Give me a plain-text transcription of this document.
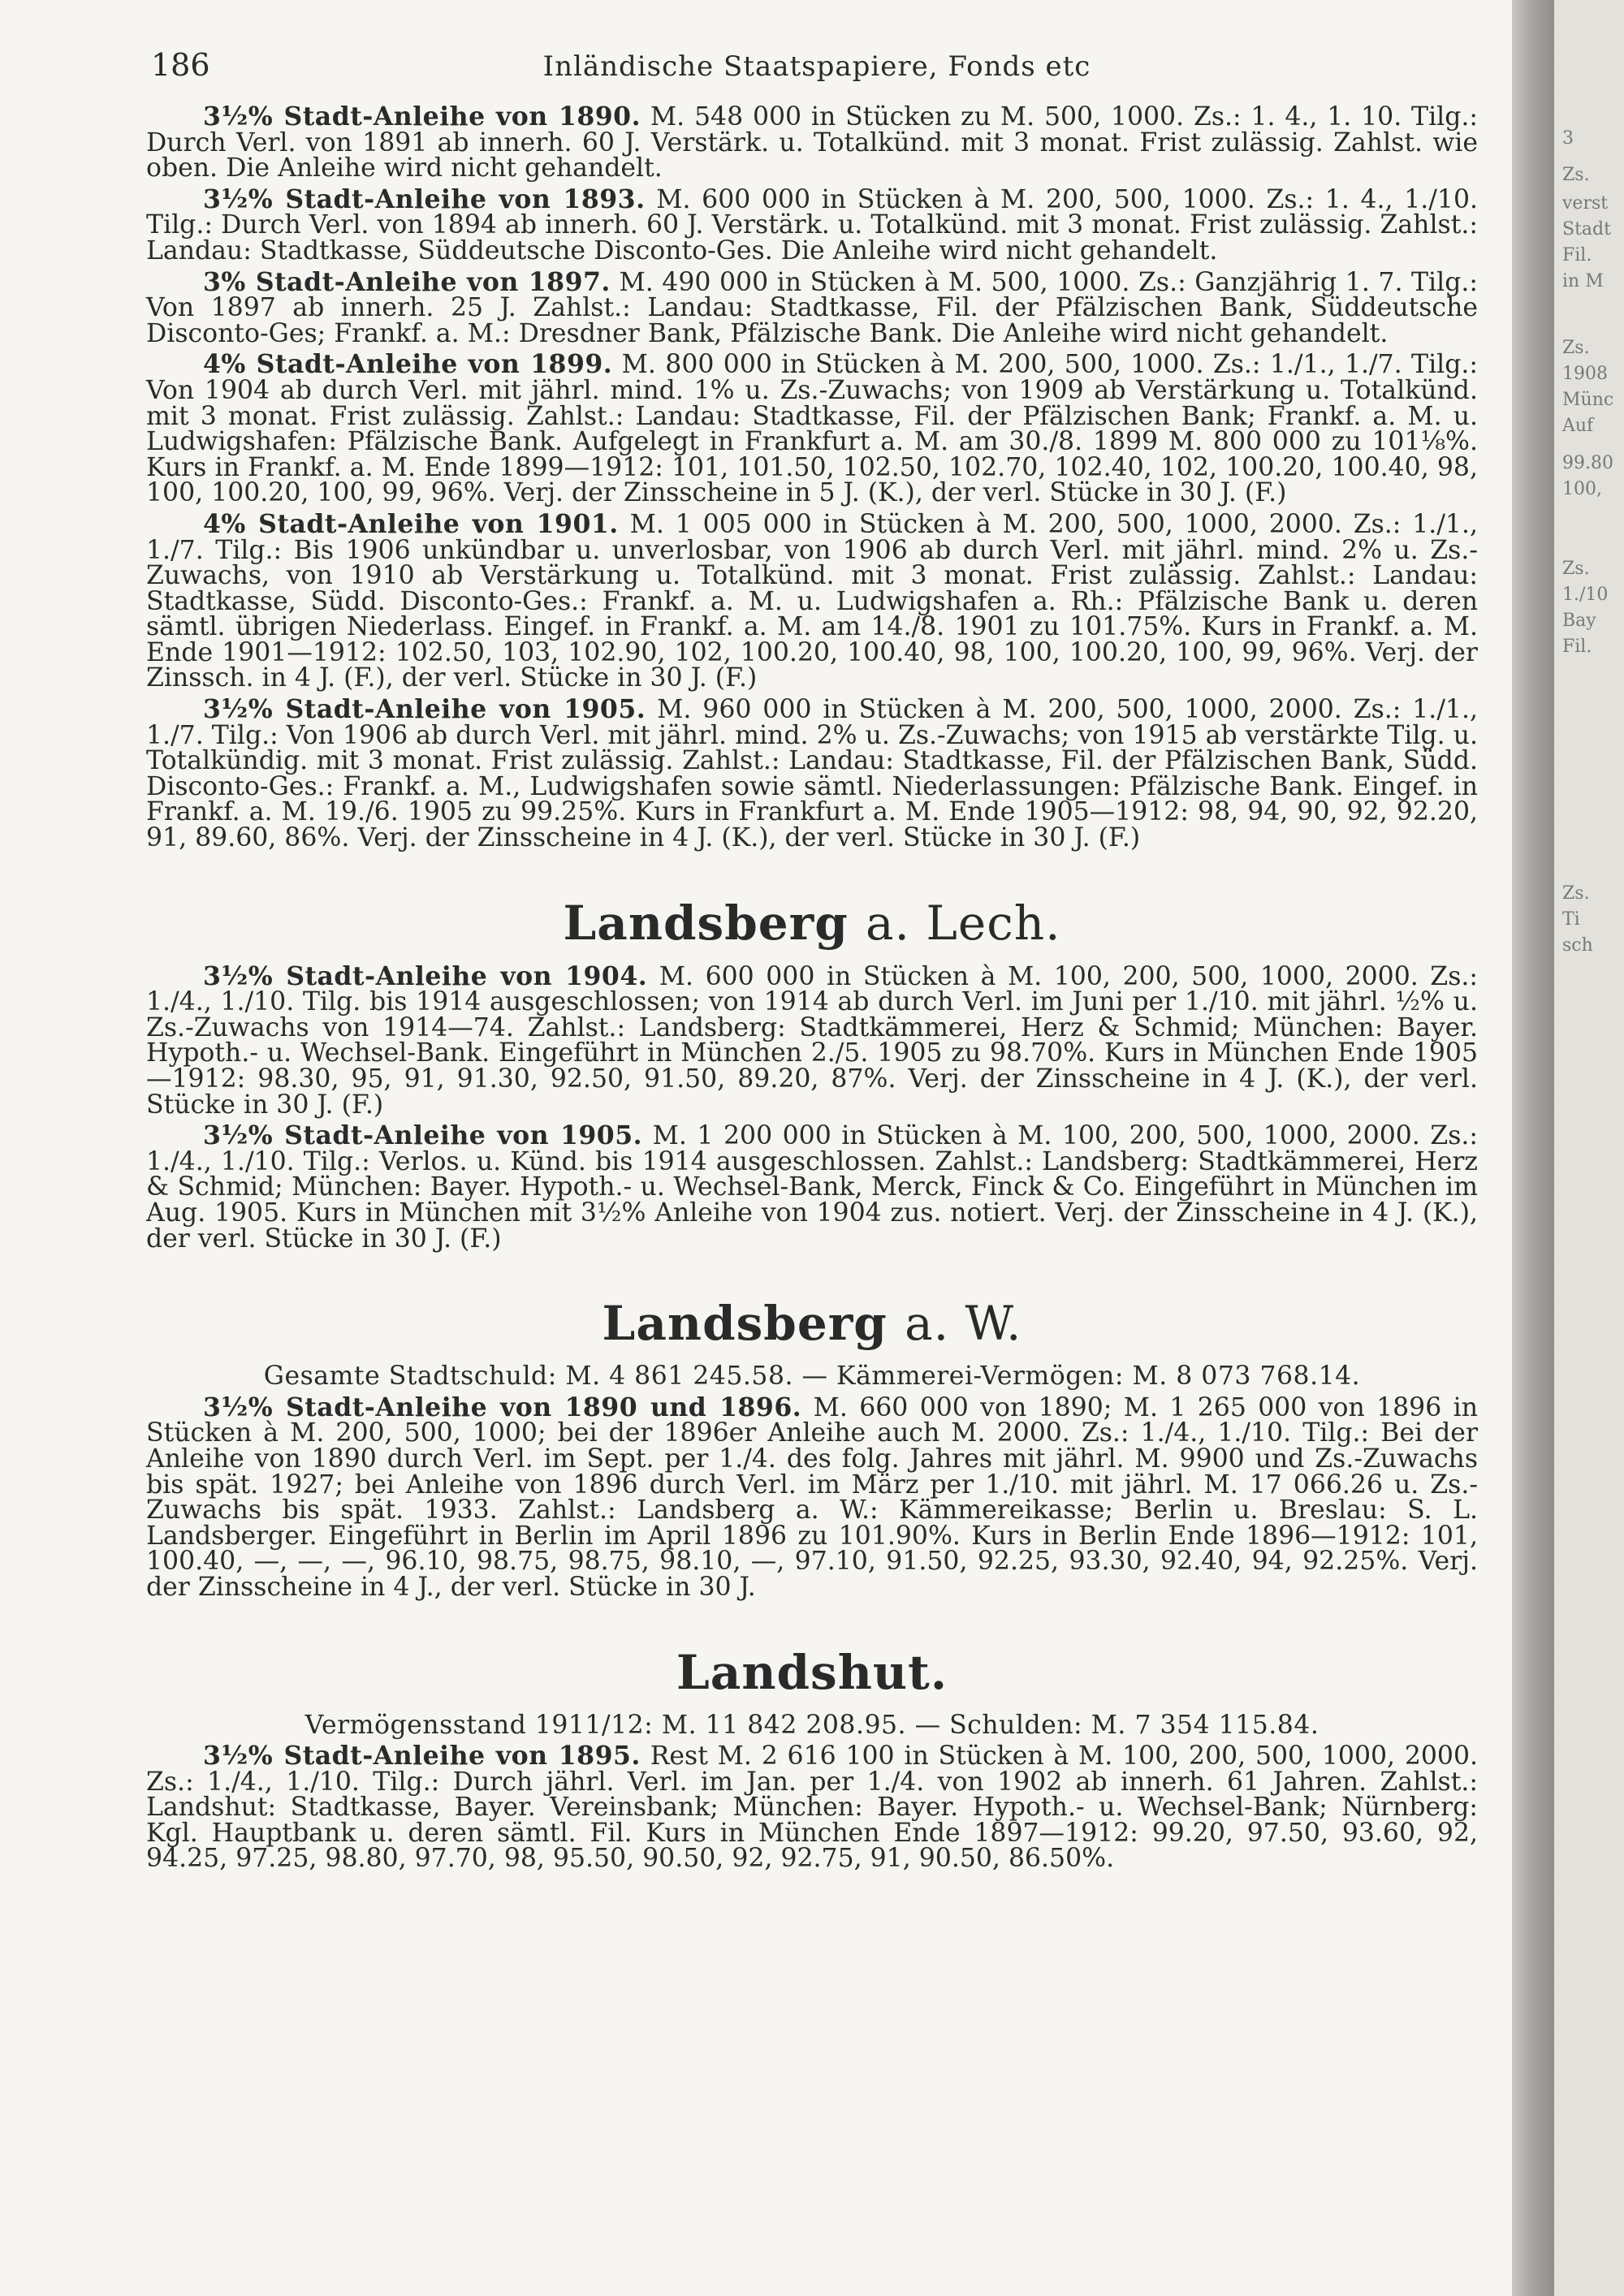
186	Inländische Staatspapiere, Fonds etc

3½% Stadt-Anleihe von 1890. M. 548 000 in Stücken zu M. 500, 1000. Zs.: 1. 4., 1. 10. Tilg.: Durch Verl. von 1891 ab innerh. 60 J. Verstärk. u. Totalkünd. mit 3 monat. Frist zulässig. Zahlst. wie oben. Die Anleihe wird nicht gehandelt.

3½% Stadt-Anleihe von 1893. M. 600 000 in Stücken à M. 200, 500, 1000. Zs.: 1. 4., 1./10. Tilg.: Durch Verl. von 1894 ab innerh. 60 J. Verstärk. u. Totalkünd. mit 3 monat. Frist zulässig. Zahlst.: Landau: Stadtkasse, Süddeutsche Disconto-Ges. Die Anleihe wird nicht gehandelt.

3% Stadt-Anleihe von 1897. M. 490 000 in Stücken à M. 500, 1000. Zs.: Ganzjährig 1. 7. Tilg.: Von 1897 ab innerh. 25 J. Zahlst.: Landau: Stadtkasse, Fil. der Pfälzischen Bank, Süddeutsche Disconto-Ges; Frankf. a. M.: Dresdner Bank, Pfälzische Bank. Die Anleihe wird nicht gehandelt.

4% Stadt-Anleihe von 1899. M. 800 000 in Stücken à M. 200, 500, 1000. Zs.: 1./1., 1./7. Tilg.: Von 1904 ab durch Verl. mit jährl. mind. 1% u. Zs.-Zuwachs; von 1909 ab Verstärkung u. Totalkünd. mit 3 monat. Frist zulässig. Zahlst.: Landau: Stadtkasse, Fil. der Pfälzischen Bank; Frankf. a. M. u. Ludwigshafen: Pfälzische Bank. Aufgelegt in Frankfurt a. M. am 30./8. 1899 M. 800 000 zu 101⅛%. Kurs in Frankf. a. M. Ende 1899—1912: 101, 101.50, 102.50, 102.70, 102.40, 102, 100.20, 100.40, 98, 100, 100.20, 100, 99, 96%. Verj. der Zinsscheine in 5 J. (K.), der verl. Stücke in 30 J. (F.)

4% Stadt-Anleihe von 1901. M. 1 005 000 in Stücken à M. 200, 500, 1000, 2000. Zs.: 1./1., 1./7. Tilg.: Bis 1906 unkündbar u. unverlosbar, von 1906 ab durch Verl. mit jährl. mind. 2% u. Zs.-Zuwachs, von 1910 ab Verstärkung u. Totalkünd. mit 3 monat. Frist zulässig. Zahlst.: Landau: Stadtkasse, Südd. Disconto-Ges.: Frankf. a. M. u. Ludwigshafen a. Rh.: Pfälzische Bank u. deren sämtl. übrigen Niederlass. Eingef. in Frankf. a. M. am 14./8. 1901 zu 101.75%. Kurs in Frankf. a. M. Ende 1901—1912: 102.50, 103, 102.90, 102, 100.20, 100.40, 98, 100, 100.20, 100, 99, 96%. Verj. der Zinssch. in 4 J. (F.), der verl. Stücke in 30 J. (F.)

3½% Stadt-Anleihe von 1905. M. 960 000 in Stücken à M. 200, 500, 1000, 2000. Zs.: 1./1., 1./7. Tilg.: Von 1906 ab durch Verl. mit jährl. mind. 2% u. Zs.-Zuwachs; von 1915 ab verstärkte Tilg. u. Totalkündig. mit 3 monat. Frist zulässig. Zahlst.: Landau: Stadtkasse, Fil. der Pfälzischen Bank, Südd. Disconto-Ges.: Frankf. a. M., Ludwigshafen sowie sämtl. Niederlassungen: Pfälzische Bank. Eingef. in Frankf. a. M. 19./6. 1905 zu 99.25%. Kurs in Frankfurt a. M. Ende 1905—1912: 98, 94, 90, 92, 92.20, 91, 89.60, 86%. Verj. der Zinsscheine in 4 J. (K.), der verl. Stücke in 30 J. (F.)

Landsberg a. Lech.

3½% Stadt-Anleihe von 1904. M. 600 000 in Stücken à M. 100, 200, 500, 1000, 2000. Zs.: 1./4., 1./10. Tilg. bis 1914 ausgeschlossen; von 1914 ab durch Verl. im Juni per 1./10. mit jährl. ½% u. Zs.-Zuwachs von 1914—74. Zahlst.: Landsberg: Stadtkämmerei, Herz & Schmid; München: Bayer. Hypoth.- u. Wechsel-Bank. Eingeführt in München 2./5. 1905 zu 98.70%. Kurs in München Ende 1905—1912: 98.30, 95, 91, 91.30, 92.50, 91.50, 89.20, 87%. Verj. der Zinsscheine in 4 J. (K.), der verl. Stücke in 30 J. (F.)

3½% Stadt-Anleihe von 1905. M. 1 200 000 in Stücken à M. 100, 200, 500, 1000, 2000. Zs.: 1./4., 1./10. Tilg.: Verlos. u. Künd. bis 1914 ausgeschlossen. Zahlst.: Landsberg: Stadtkämmerei, Herz & Schmid; München: Bayer. Hypoth.- u. Wechsel-Bank, Merck, Finck & Co. Eingeführt in München im Aug. 1905. Kurs in München mit 3½% Anleihe von 1904 zus. notiert. Verj. der Zinsscheine in 4 J. (K.), der verl. Stücke in 30 J. (F.)

Landsberg a. W.
Gesamte Stadtschuld: M. 4 861 245.58. — Kämmerei-Vermögen: M. 8 073 768.14.

3½% Stadt-Anleihe von 1890 und 1896. M. 660 000 von 1890; M. 1 265 000 von 1896 in Stücken à M. 200, 500, 1000; bei der 1896er Anleihe auch M. 2000. Zs.: 1./4., 1./10. Tilg.: Bei der Anleihe von 1890 durch Verl. im Sept. per 1./4. des folg. Jahres mit jährl. M. 9900 und Zs.-Zuwachs bis spät. 1927; bei Anleihe von 1896 durch Verl. im März per 1./10. mit jährl. M. 17 066.26 u. Zs.-Zuwachs bis spät. 1933. Zahlst.: Landsberg a. W.: Kämmereikasse; Berlin u. Breslau: S. L. Landsberger. Eingeführt in Berlin im April 1896 zu 101.90%. Kurs in Berlin Ende 1896—1912: 101, 100.40, —, —, —, 96.10, 98.75, 98.75, 98.10, —, 97.10, 91.50, 92.25, 93.30, 92.40, 94, 92.25%. Verj. der Zinsscheine in 4 J., der verl. Stücke in 30 J.

Landshut.
Vermögensstand 1911/12: M. 11 842 208.95. — Schulden: M. 7 354 115.84.

3½% Stadt-Anleihe von 1895. Rest M. 2 616 100 in Stücken à M. 100, 200, 500, 1000, 2000. Zs.: 1./4., 1./10. Tilg.: Durch jährl. Verl. im Jan. per 1./4. von 1902 ab innerh. 61 Jahren. Zahlst.: Landshut: Stadtkasse, Bayer. Vereinsbank; München: Bayer. Hypoth.- u. Wechsel-Bank; Nürnberg: Kgl. Hauptbank u. deren sämtl. Fil. Kurs in München Ende 1897—1912: 99.20, 97.50, 93.60, 92, 94.25, 97.25, 98.80, 97.70, 98, 95.50, 90.50, 92, 92.75, 91, 90.50, 86.50%.

3
Zs.
verst
Stadt
Fil.
in M
Zs.
1908
Münc
Auf
99.80
100,
Zs.
1./10
Bay
Fil.
Zs.
Ti
sch
